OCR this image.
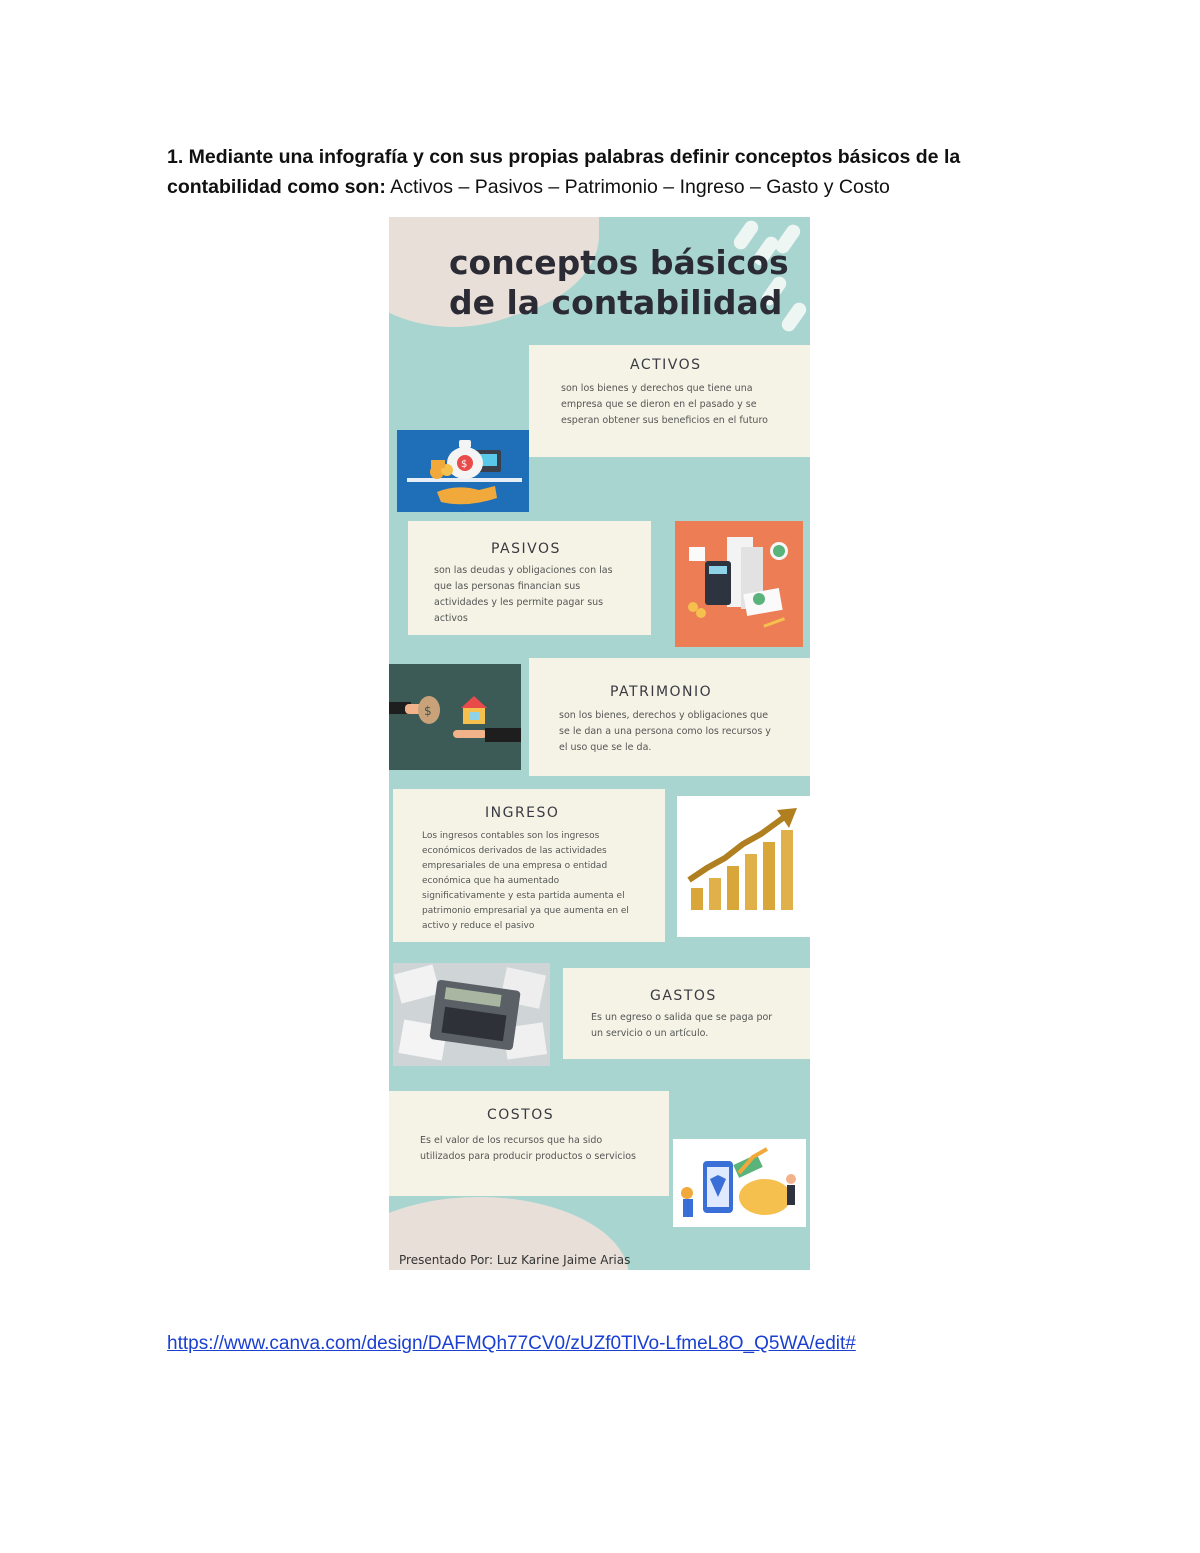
1. Mediante una infografía y con sus propias palabras definir conceptos básicos de la contabilidad como son: Activos – Pasivos – Patrimonio – Ingreso – Gasto y Costo
conceptos básicos
de la contabilidad
ACTIVOS

son los bienes y derechos que tiene una empresa que se dieron en el pasado y se esperan obtener sus beneficios en el futuro

$
PASIVOS

son las deudas y obligaciones con las que las personas financian sus actividades y les permite pagar sus activos

$
PATRIMONIO

son los bienes, derechos y obligaciones que se le dan a una persona como los recursos y el uso que se le da.

INGRESO

Los ingresos contables son los ingresos económicos derivados de las actividades empresariales de una empresa o entidad económica que ha aumentado significativamente y esta partida aumenta el patrimonio empresarial ya que aumenta en el activo y reduce el pasivo

GASTOS

Es un egreso o salida que se paga por un servicio o un artículo.

COSTOS

Es el valor de los recursos que ha sido utilizados para producir productos o servicios

Presentado Por: Luz Karine Jaime Arias
https://www.canva.com/design/DAFMQh77CV0/zUZf0TlVo-LfmeL8O_Q5WA/edit#
